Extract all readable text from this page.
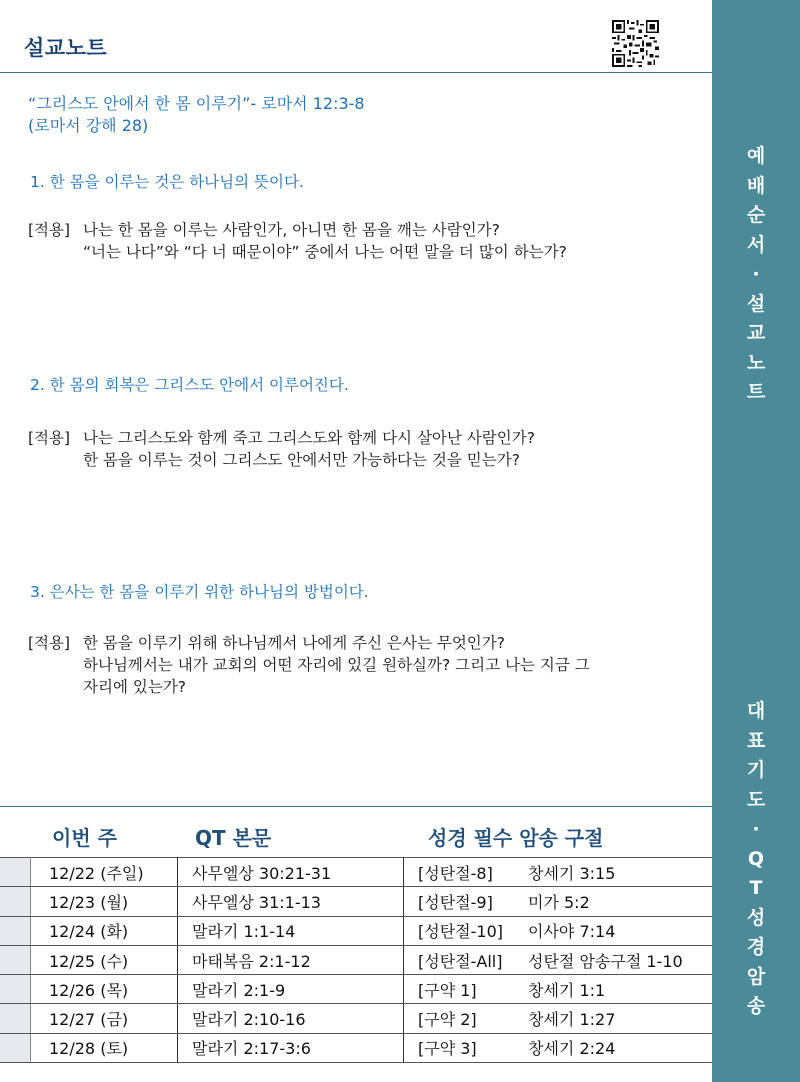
설교노트
“그리스도 안에서 한 몸 이루기”- 로마서 12:3-8
(로마서 강해 28)
1. 한 몸을 이루는 것은 하나님의 뜻이다.
[적용] 나는 한 몸을 이루는 사람인가, 아니면 한 몸을 깨는 사람인가?
“너는 나다”와 “다 너 때문이야” 중에서 나는 어떤 말을 더 많이 하는가?
2. 한 몸의 회복은 그리스도 안에서 이루어진다.
[적용] 나는 그리스도와 함께 죽고 그리스도와 함께 다시 살아난 사람인가?
한 몸을 이루는 것이 그리스도 안에서만 가능하다는 것을 믿는가?
3. 은사는 한 몸을 이루기 위한 하나님의 방법이다.
[적용] 한 몸을 이루기 위해 하나님께서 나에게 주신 은사는 무엇인가?
하나님께서는 내가 교회의 어떤 자리에 있길 원하실까? 그리고 나는 지금 그
자리에 있는가?
이번 주	QT 본문	성경 필수 암송 구절
	12/22 (주일)	사무엘상 30:21-31	[성탄절-8] 창세기 3:15
	12/23 (월)	사무엘상 31:1-13	[성탄절-9] 미가 5:2
	12/24 (화)	말라기 1:1-14	[성탄절-10] 이사야 7:14
	12/25 (수)	마태복음 2:1-12	[성탄절-All] 성탄절 암송구절 1-10
	12/26 (목)	말라기 2:1-9	[구약 1] 창세기 1:1
	12/27 (금)	말라기 2:10-16	[구약 2] 창세기 1:27
	12/28 (토)	말라기 2:17-3:6	[구약 3] 창세기 2:24
예
배
순
서
·
설
교
노
트
대
표
기
도
·
Q
T
성
경
암
송
